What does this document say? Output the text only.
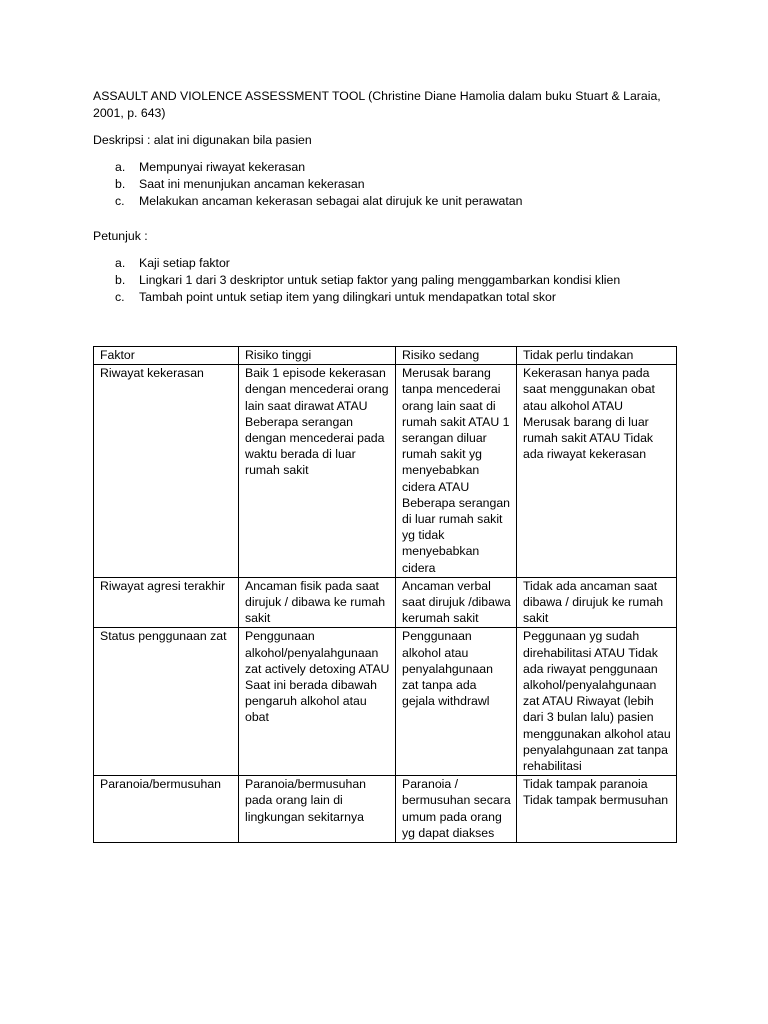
ASSAULT AND VIOLENCE ASSESSMENT TOOL (Christine Diane Hamolia dalam buku Stuart & Laraia, 2001, p. 643)

Deskripsi : alat ini digunakan bila pasien

a.	Mempunyai riwayat kekerasan
b.	Saat ini menunjukan ancaman kekerasan
c.	Melakukan ancaman kekerasan sebagai alat dirujuk ke unit perawatan

Petunjuk :

a.	Kaji setiap faktor
b.	Lingkari 1 dari 3 deskriptor untuk setiap faktor yang paling menggambarkan kondisi klien
c.	Tambah point untuk setiap item yang dilingkari untuk mendapatkan total skor
Faktor	Risiko tinggi	Risiko sedang	Tidak perlu tindakan
Riwayat kekerasan	Baik 1 episode kekerasan dengan mencederai orang lain saat dirawat ATAU Beberapa serangan dengan mencederai pada waktu berada di luar rumah sakit	Merusak barang tanpa mencederai orang lain saat di rumah sakit ATAU 1 serangan diluar rumah sakit yg menyebabkan cidera ATAU Beberapa serangan di luar rumah sakit yg tidak menyebabkan cidera	Kekerasan hanya pada saat menggunakan obat atau alkohol ATAU Merusak barang di luar rumah sakit ATAU Tidak ada riwayat kekerasan
Riwayat agresi terakhir	Ancaman fisik pada saat dirujuk / dibawa ke rumah sakit	Ancaman verbal saat dirujuk /dibawa kerumah sakit	Tidak ada ancaman saat dibawa / dirujuk ke rumah sakit
Status penggunaan zat	Penggunaan alkohol/penyalahgunaan zat actively detoxing ATAU Saat ini berada dibawah pengaruh alkohol atau obat	Penggunaan alkohol atau penyalahgunaan zat tanpa ada gejala withdrawl	Peggunaan yg sudah direhabilitasi ATAU Tidak ada riwayat penggunaan alkohol/penyalahgunaan zat ATAU Riwayat (lebih dari 3 bulan lalu) pasien menggunakan alkohol atau penyalahgunaan zat tanpa rehabilitasi
Paranoia/bermusuhan	Paranoia/bermusuhan pada orang lain di lingkungan sekitarnya	Paranoia / bermusuhan secara umum pada orang yg dapat diakses	Tidak tampak paranoia Tidak tampak bermusuhan
